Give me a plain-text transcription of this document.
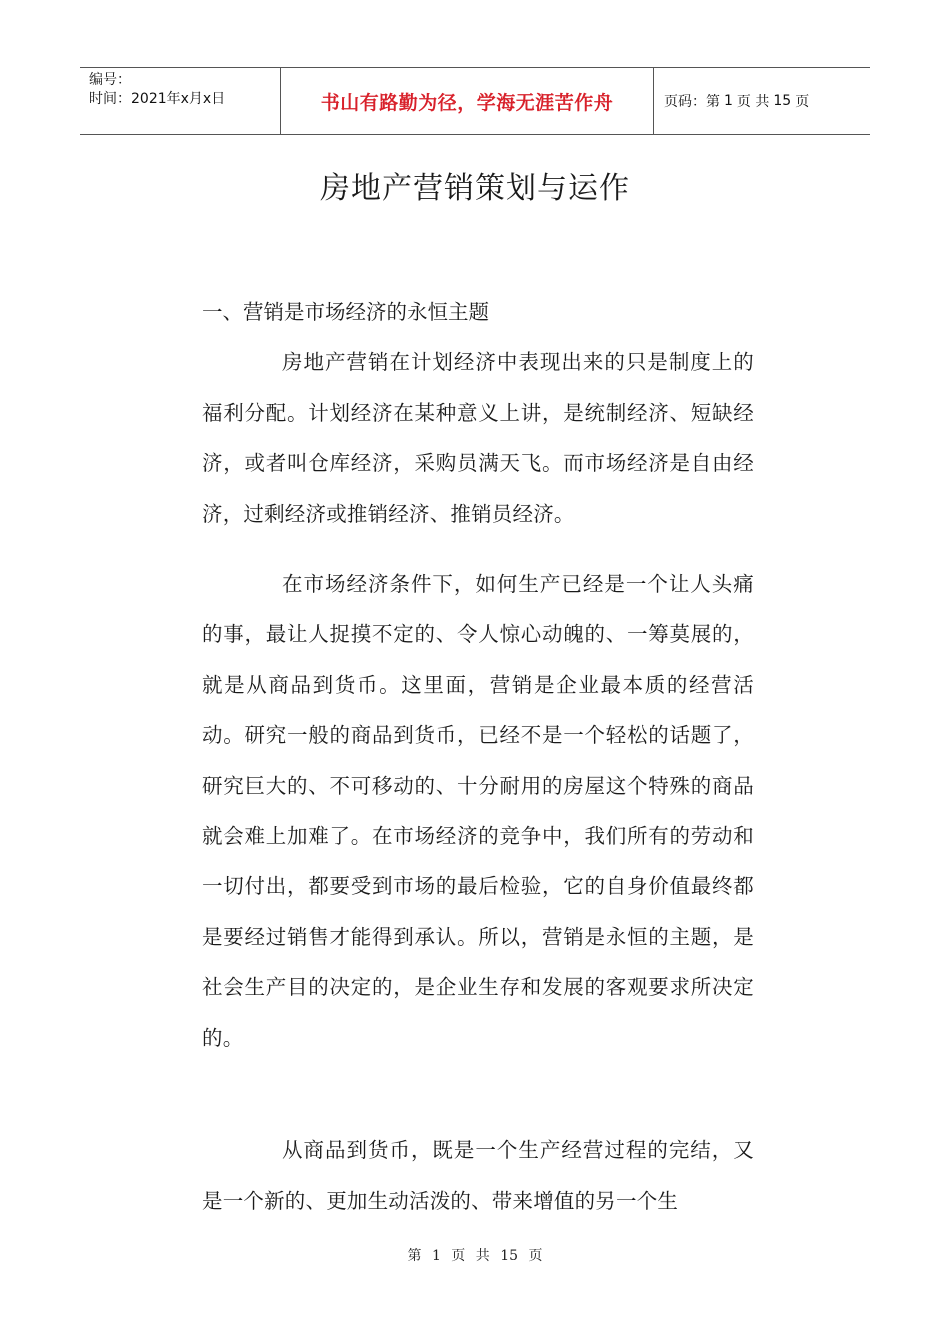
编号：
时间：2021年x月x日	书山有路勤为径，学海无涯苦作舟	页码：第 1 页 共 15 页
房地产营销策划与运作
一、营销是市场经济的永恒主题

房地产营销在计划经济中表现出来的只是制度上的福利分配。计划经济在某种意义上讲，是统制经济、短缺经济，或者叫仓库经济，采购员满天飞。而市场经济是自由经济，过剩经济或推销经济、推销员经济。

在市场经济条件下，如何生产已经是一个让人头痛的事，最让人捉摸不定的、令人惊心动魄的、一筹莫展的，就是从商品到货币。这里面，营销是企业最本质的经营活动。研究一般的商品到货币，已经不是一个轻松的话题了，研究巨大的、不可移动的、十分耐用的房屋这个特殊的商品就会难上加难了。在市场经济的竞争中，我们所有的劳动和一切付出，都要受到市场的最后检验，它的自身价值最终都是要经过销售才能得到承认。所以，营销是永恒的主题，是社会生产目的决定的，是企业生存和发展的客观要求所决定的。

从商品到货币，既是一个生产经营过程的完结，又是一个新的、更加生动活泼的、带来增值的另一个生

第 1 页 共 15 页
